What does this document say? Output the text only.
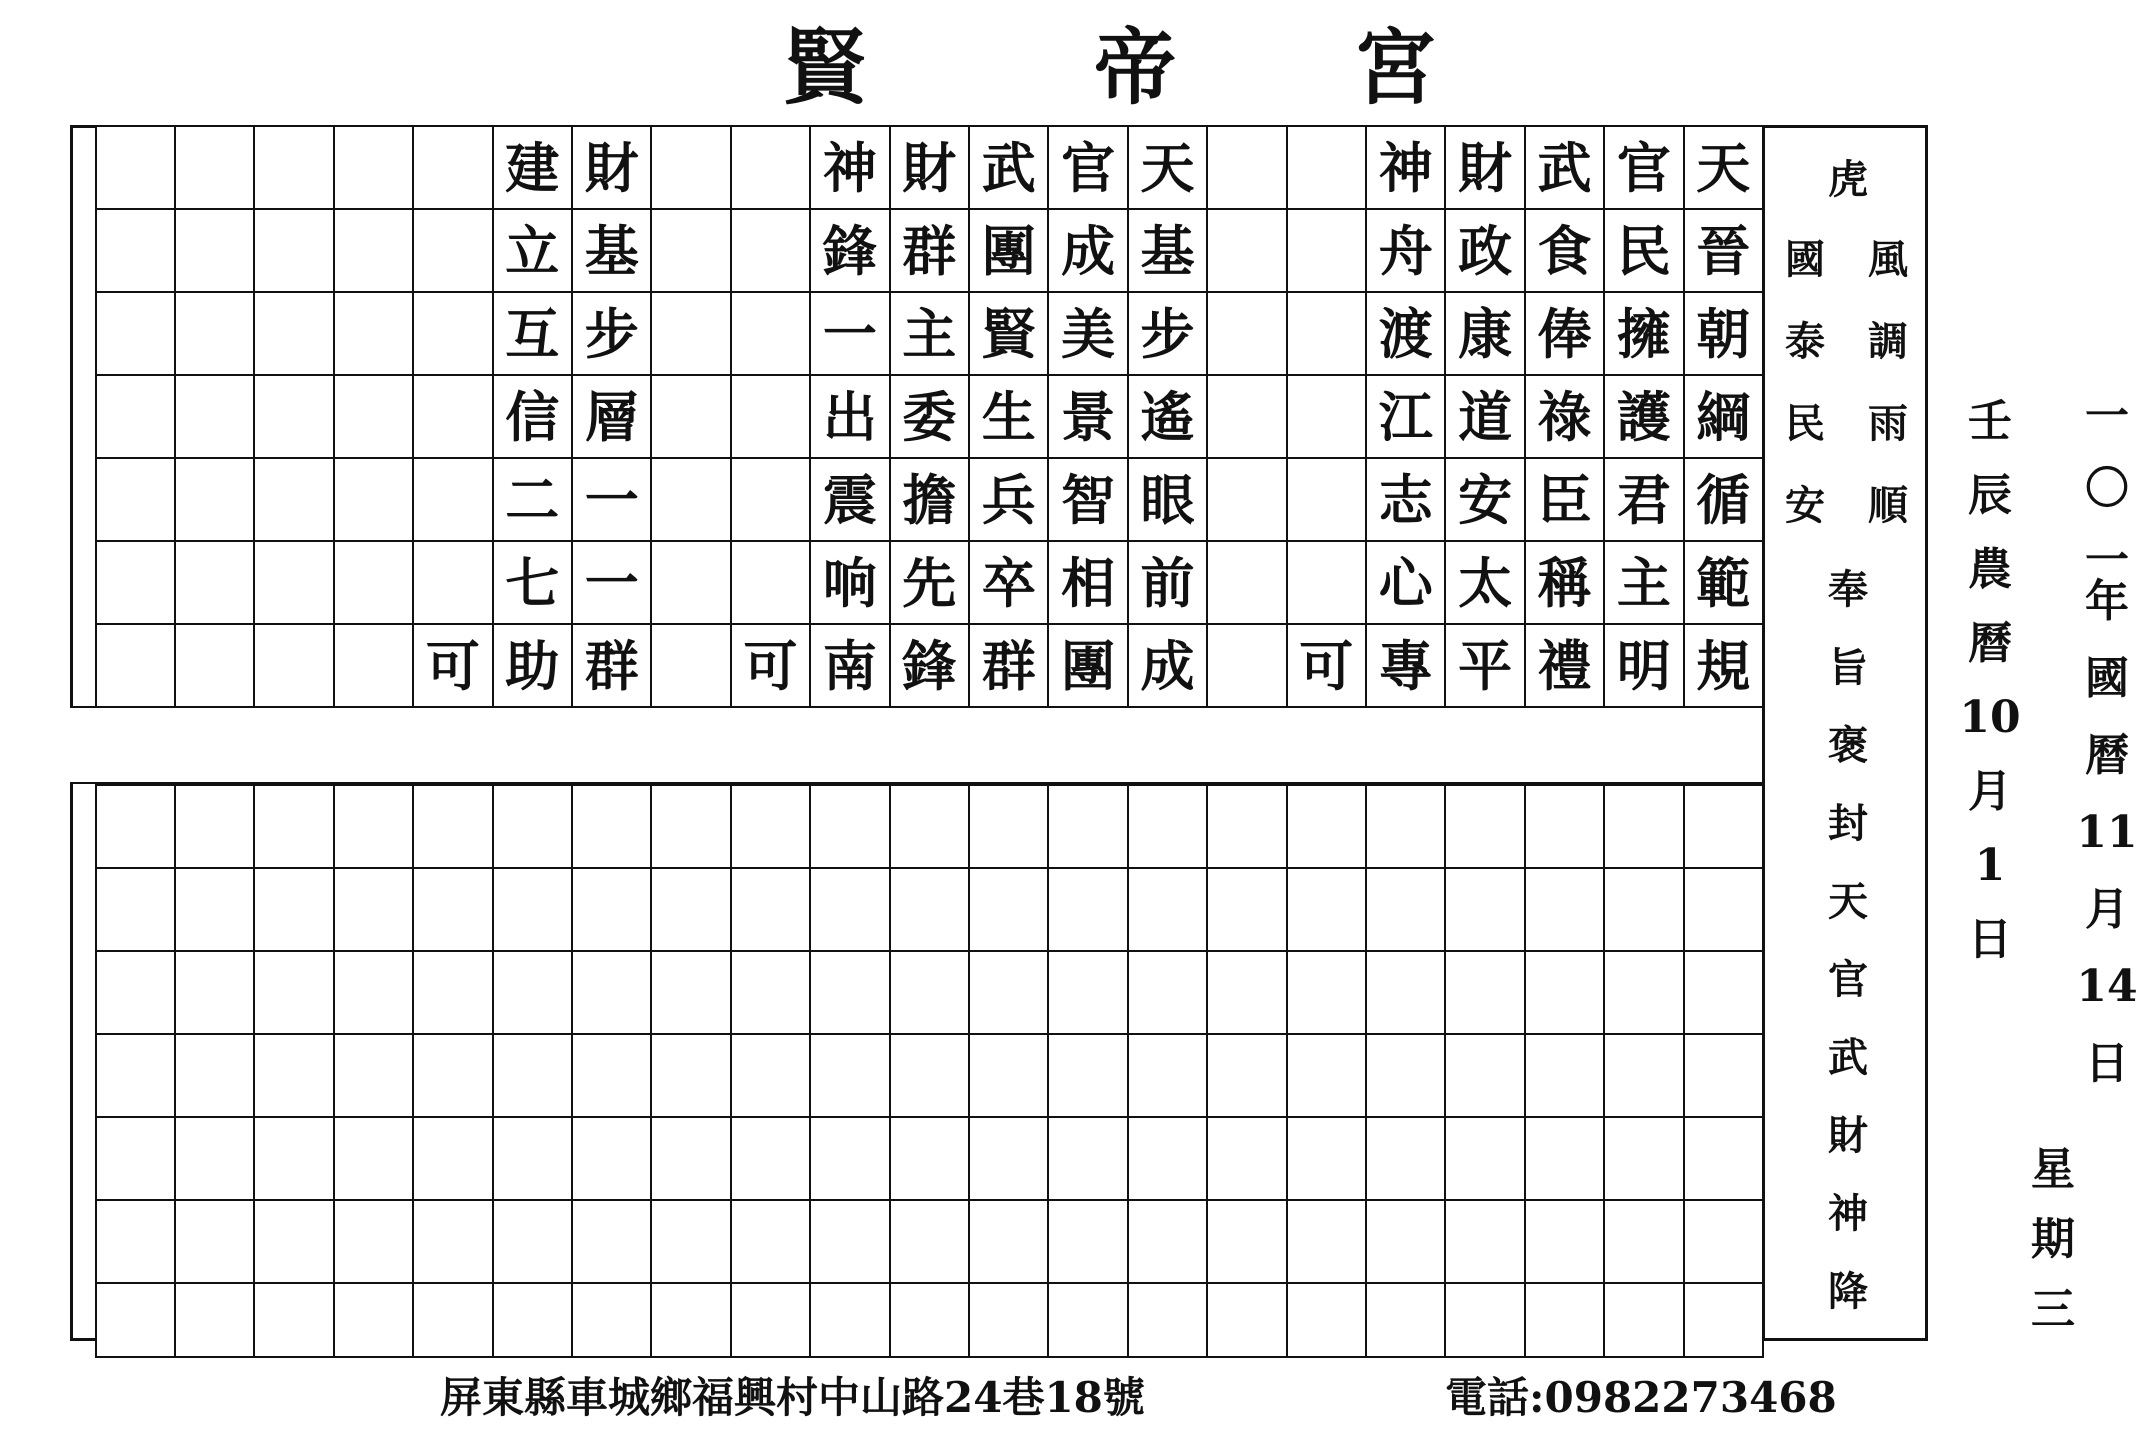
賢	帝 宮
天
晉
朝
綱
循
範
規
官
民
擁
護
君
主
明
武
食
俸
祿
臣
稱
禮
財
政
康
道
安
太
平
神
舟
渡
江
志
心
專
可
天
基
步
遙
眼
前
成
官
成
美
景
智
相
團
武
團
賢
生
兵
卒
群
財
群
主
委
擔
先
鋒
神
鋒
一
出
震
响
南
可
財
基
步
層
一
一
群
建
立
互
信
二
七
助
可
虎
風
調
雨
順
國
泰
民
安
奉
旨
褒
封
天
官
武
財
神
降
一
〇
一
年
國
曆
11
月
14
日
壬
辰
農
曆
10
月
1
日
星
期
三
屏東縣車城鄉福興村中山路24巷18號	電話:0982273468
